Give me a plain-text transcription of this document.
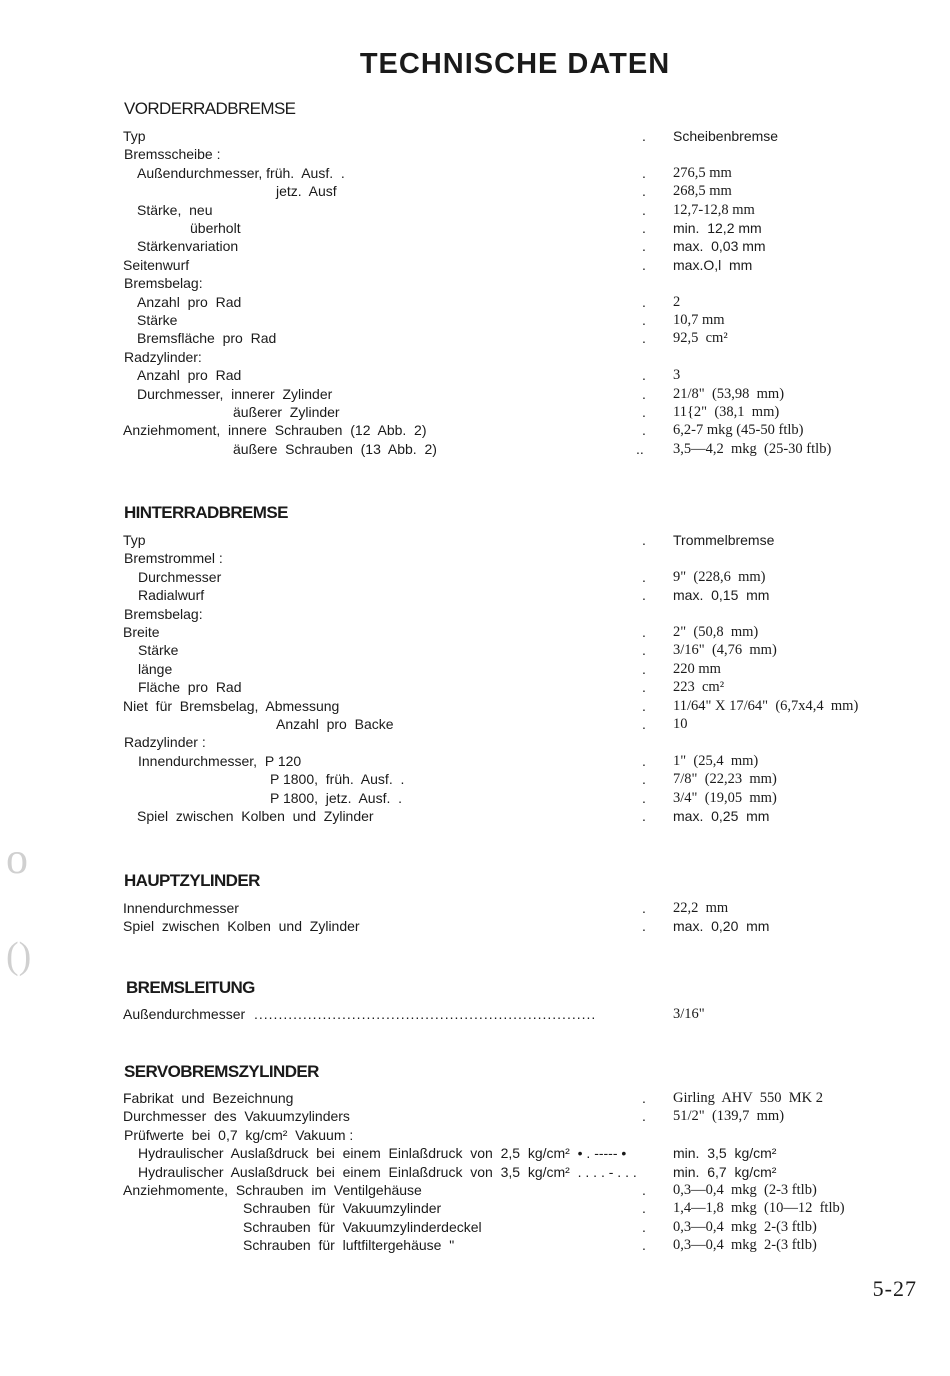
TECHNISCHE DATEN
VORDERRADBREMSE
Typ	. Scheibenbremse
Bremsscheibe :
Außendurchmesser, früh.  Ausf.  .	. 276,5 mm
jetz.  Ausf	. 268,5 mm
Stärke,  neu	. 12,7-12,8 mm
überholt	. min.  12,2 mm
Stärkenvariation	. max.  0,03 mm
Seitenwurf	. max.O,l  mm
Bremsbelag:
Anzahl  pro  Rad	. 2
Stärke	. 10,7 mm
Bremsfläche  pro  Rad	. 92,5  cm²
Radzylinder:
Anzahl  pro  Rad	. 3
Durchmesser,  innerer  Zylinder	. 21/8"  (53,98  mm)
äußerer  Zylinder	. 11{2"  (38,1  mm)
Anziehmoment,  innere  Schrauben  (12  Abb.  2)	. 6,2-7 mkg (45-50 ftlb)
äußere  Schrauben  (13  Abb.  2)	.. 3,5—4,2  mkg  (25-30 ftlb)
HINTERRADBREMSE
Typ	. Trommelbremse
Bremstrommel :
Durchmesser	. 9"  (228,6  mm)
Radialwurf	. max.  0,15  mm
Bremsbelag:
Breite	. 2"  (50,8  mm)
Stärke	. 3/16"  (4,76  mm)
länge	. 220 mm
Fläche  pro  Rad	. 223  cm²
Niet  für  Bremsbelag,  Abmessung	. 11/64" X 17/64"  (6,7x4,4  mm)
Anzahl  pro  Backe	. 10
Radzylinder :
Innendurchmesser,  P 120	. 1"  (25,4  mm)
P 1800,  früh.  Ausf.  .	. 7/8"  (22,23  mm)
P 1800,  jetz.  Ausf.  .	. 3/4"  (19,05  mm)
Spiel  zwischen  Kolben  und  Zylinder	. max.  0,25  mm
HAUPTZYLINDER
Innendurchmesser	. 22,2  mm
Spiel  zwischen  Kolben  und  Zylinder	. max.  0,20  mm
BREMSLEITUNG
Außendurchmesser ......................................................................	3/16"
SERVOBREMSZYLINDER
Fabrikat  und  Bezeichnung	. Girling  AHV  550  MK 2
Durchmesser  des  Vakuumzylinders	. 51/2"  (139,7  mm)
Prüfwerte  bei  0,7  kg/cm²  Vakuum :
Hydraulischer  Auslaßdruck  bei  einem  Einlaßdruck  von  2,5  kg/cm²  • . ----- •	min.  3,5  kg/cm²
Hydraulischer  Auslaßdruck  bei  einem  Einlaßdruck  von  3,5  kg/cm²  . . . . - . . .	min.  6,7  kg/cm²
Anziehmomente,  Schrauben  im  Ventilgehäuse	. 0,3—0,4  mkg  (2-3 ftlb)
Schrauben  für  Vakuumzylinder	. 1,4—1,8  mkg  (10—12  ftlb)
Schrauben  für  Vakuumzylinderdeckel	. 0,3—0,4  mkg  2-(3 ftlb)
Schrauben  für  luftfiltergehäuse  "	. 0,3—0,4  mkg  2-(3 ftlb)
o
()
5-27
